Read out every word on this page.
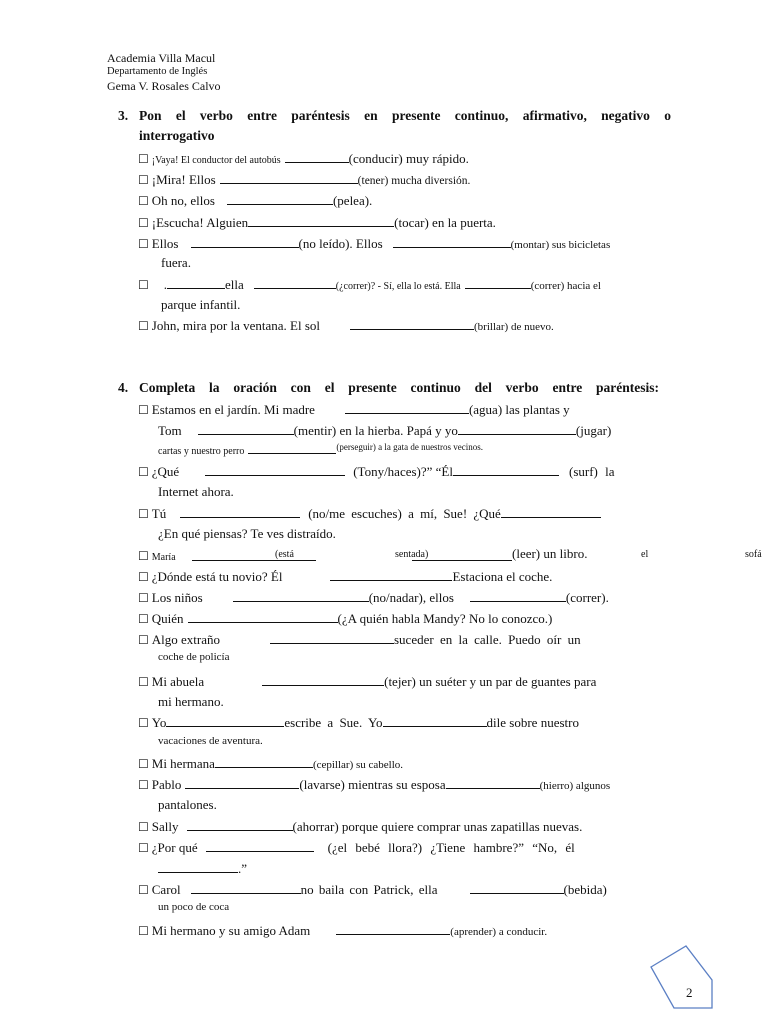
Academia Villa Macul
Departamento de Inglés
Gema V. Rosales Calvo
3. Pon el verbo entre paréntesis en presente continuo, afirmativo, negativo o
interrogativo
☐ ¡Vaya! El conductor del autobús	(conducir) muy rápido.
☐ ¡Mira! Ellos	(tener) mucha diversión.
☐ Oh no, ellos	(pelea).
☐ ¡Escucha! Alguien	(tocar) en la puerta.
☐ Ellos	(no leído). Ellos	(montar) sus bicicletas
fuera.
☐ .	ella	(¿correr)? - Sí, ella lo está. Ella	(correr) hacia el
parque infantil.
☐ John, mira por la ventana. El sol	(brillar) de nuevo.
4. Completa la oración con el presente continuo del verbo entre paréntesis:
☐ Estamos en el jardín. Mi madre	(agua) las plantas y
Tom	(mentir) en la hierba. Papá y yo	(jugar)
cartas y nuestro perro	$^{(perseguir) a la gata de nuestros vecinos.}$
☐ ¿Qué	(Tony/haces)?” “Él	(surf) la
Internet ahora.
☐ Tú	(no/me escuches) a mí, Sue! ¿Qué
¿En qué piensas? Te ves distraído.
☐ María	(está	sentada)	(leer) un libro.	el	sofá
☐ ¿Dónde está tu novio? Él	Estaciona el coche.
☐ Los niños	(no/nadar), ellos	(correr).
☐ Quién	(¿A quién habla Mandy? No lo conozco.)
☐ Algo extraño	suceder en la calle. Puedo oír un
coche de policía
☐ Mi abuela	(tejer) un suéter y un par de guantes para
mi hermano.
☐ Yo	escribe a Sue. Yo	dile sobre nuestro
vacaciones de aventura.
☐ Mi hermana	(cepillar) su cabello.
☐ Pablo	(lavarse) mientras su esposa	(hierro) algunos
pantalones.
☐ Sally	(ahorrar) porque quiere comprar unas zapatillas nuevas.
☐ ¿Por qué	(¿el bebé llora?) ¿Tiene hambre?” “No, él
.”
☐ Carol	no baila con Patrick, ella	(bebida)
un poco de coca
☐ Mi hermano y su amigo Adam	(aprender) a conducir.
2
